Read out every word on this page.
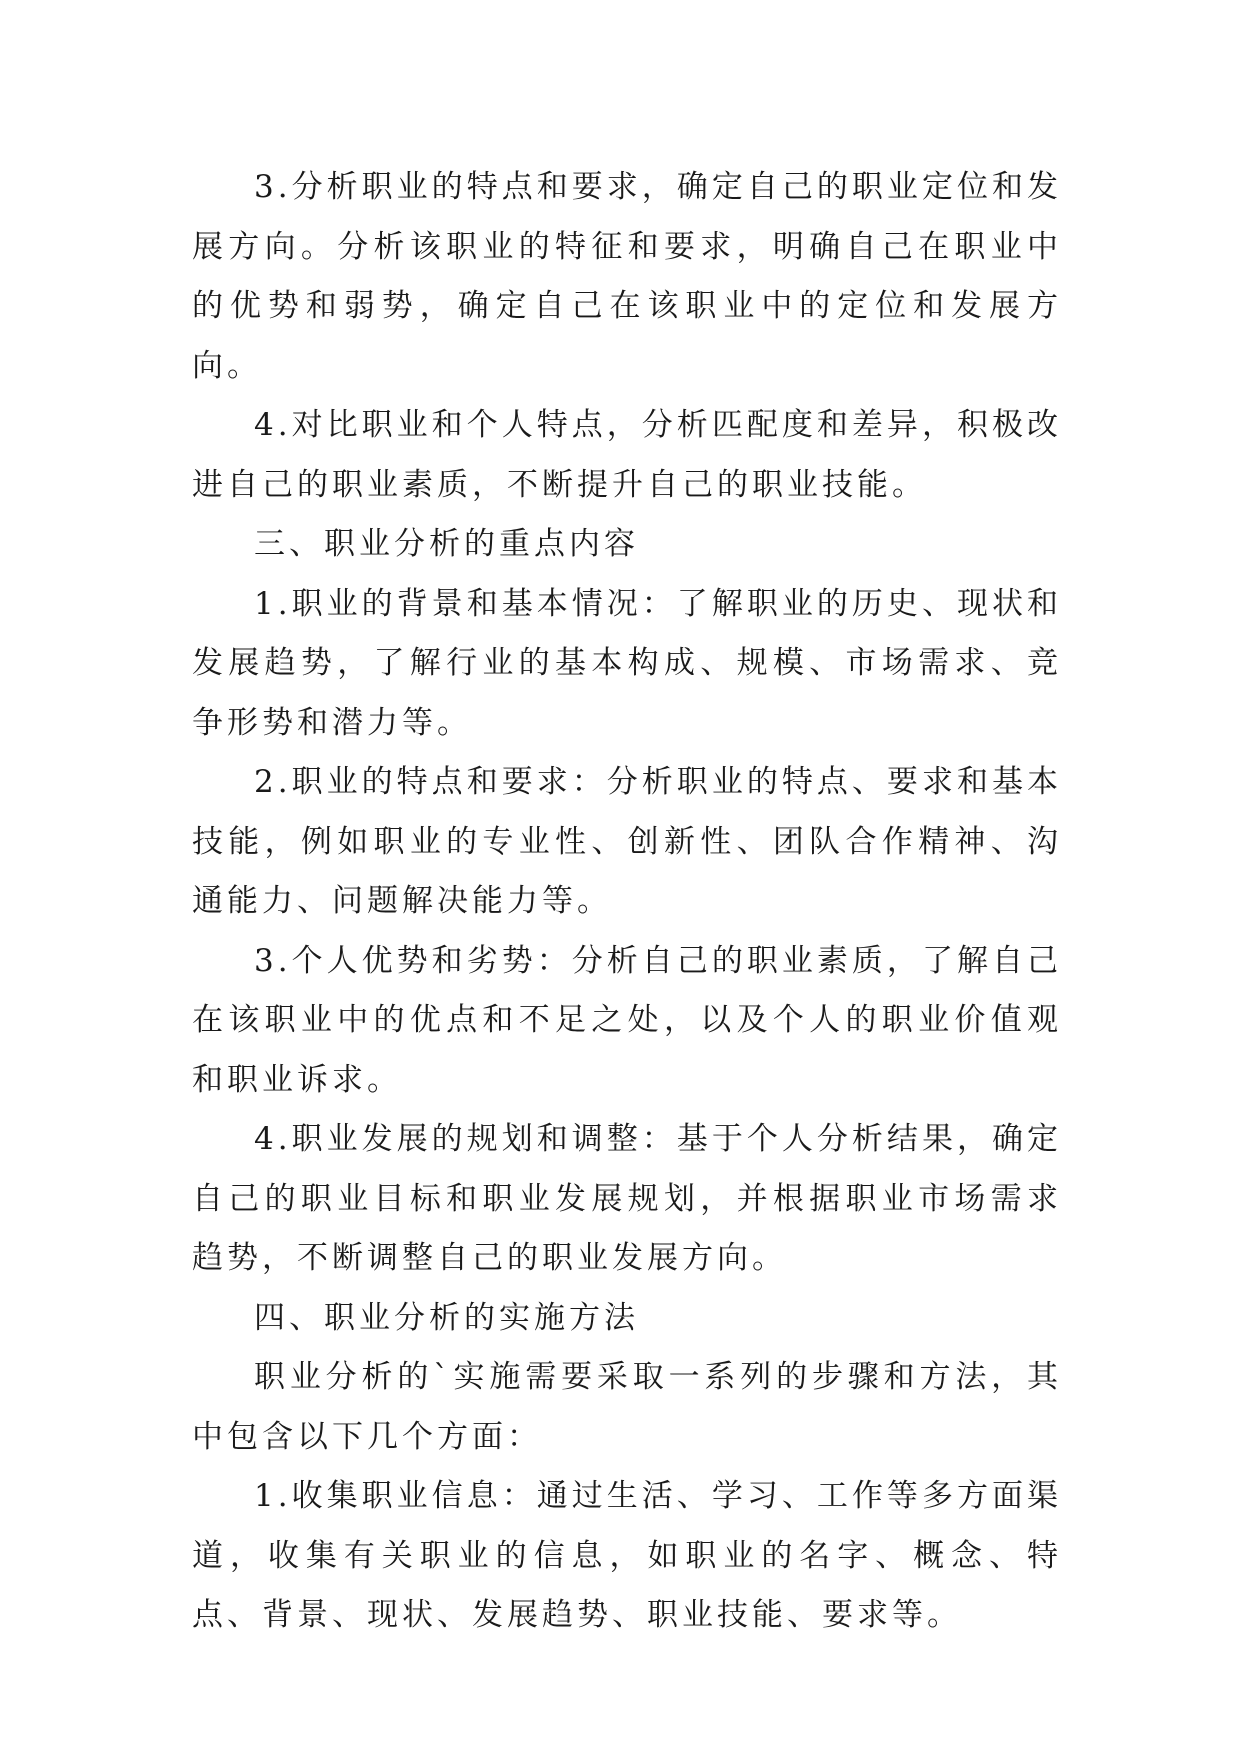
3.分析职业的特点和要求，确定自己的职业定位和发展方向。分析该职业的特征和要求，明确自己在职业中的优势和弱势，确定自己在该职业中的定位和发展方向。

4.对比职业和个人特点，分析匹配度和差异，积极改进自己的职业素质，不断提升自己的职业技能。

三、职业分析的重点内容

1.职业的背景和基本情况：了解职业的历史、现状和发展趋势，了解行业的基本构成、规模、市场需求、竞争形势和潜力等。

2.职业的特点和要求：分析职业的特点、要求和基本技能，例如职业的专业性、创新性、团队合作精神、沟通能力、问题解决能力等。

3.个人优势和劣势：分析自己的职业素质，了解自己在该职业中的优点和不足之处，以及个人的职业价值观和职业诉求。

4.职业发展的规划和调整：基于个人分析结果，确定自己的职业目标和职业发展规划，并根据职业市场需求趋势，不断调整自己的职业发展方向。

四、职业分析的实施方法

职业分析的`实施需要采取一系列的步骤和方法，其中包含以下几个方面：

1.收集职业信息：通过生活、学习、工作等多方面渠道，收集有关职业的信息，如职业的名字、概念、特点、背景、现状、发展趋势、职业技能、要求等。
